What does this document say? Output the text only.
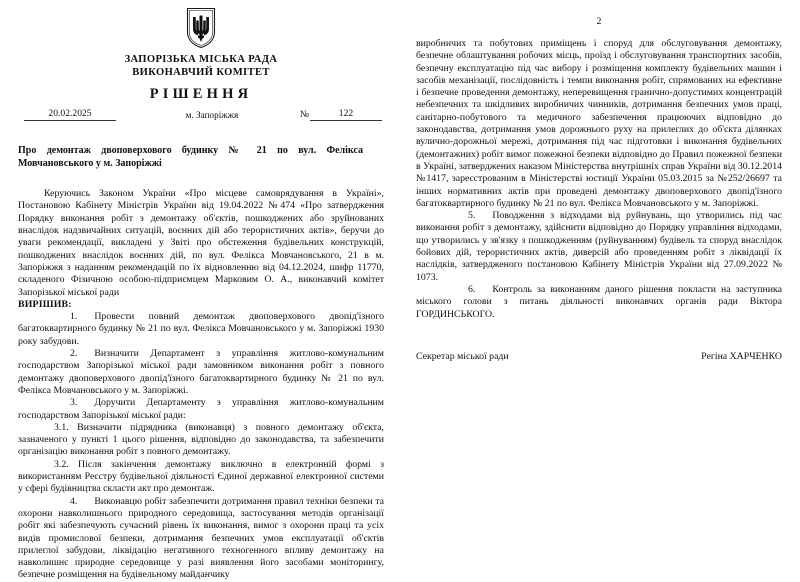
ЗАПОРІЗЬКА МІСЬКА РАДА
ВИКОНАВЧИЙ КОМІТЕТ
РІШЕННЯ
20.02.2025	м. Запоріжжя	№	122
Про демонтаж двоповерхового будинку № 21 по вул. Фелікса Мовчановського у м. Запоріжжі

Керуючись Законом України «Про місцеве самоврядування в Україні», Постановою Кабінету Міністрів України від 19.04.2022 №474 «Про затвердження Порядку виконання робіт з демонтажу об'єктів, пошкоджених або зруйнованих внаслідок надзвичайних ситуацій, воєнних дій або терористичних актів», беручи до уваги рекомендації, викладені у Звіті про обстеження будівельних конструкцій, пошкоджених внаслідок воєнних дій, по вул. Фелікса Мовчановського, 21 в м. Запоріжжя з наданням рекомендацій по їх відновленню від 04.12.2024, шифр 11770, складеного Фізичною особою-підприємцем Марковим О. А., виконавчий комітет Запорізької міської ради

ВИРІШИВ:

1. Провести повний демонтаж двоповерхового двопід'їзного багатоквартирного будинку № 21 по вул. Фелікса Мовчановського у м. Запоріжжі 1930 року забудови.

2. Визначити Департамент з управління житлово-комунальним господарством Запорізької міської ради замовником виконання робіт з повного демонтажу двоповерхового двопід'їзного багатоквартирного будинку № 21 по вул. Фелікса Мовчановського у м. Запоріжжі.

3. Доручити Департаменту з управління житлово-комунальним господарством Запорізької міської ради:

3.1. Визначити підрядника (виконавця) з повного демонтажу об'єкта, зазначеного у пункті 1 цього рішення, відповідно до законодавства, та забезпечити організацію виконання робіт з повного демонтажу.

3.2. Після закінчення демонтажу виключно в електронній формі з використанням Реєстру будівельної діяльності Єдиної державної електронної системи у сфері будівництва скласти акт про демонтаж.

4. Виконавцю робіт забезпечити дотримання правил техніки безпеки та охорони навколишнього природного середовища, застосування методів організації робіт які забезпечують сучасний рівень їх виконання, вимог з охорони праці та усіх видів промислової безпеки, дотримання безпечних умов експлуатації об'єктів прилеглої забудови, ліквідацію негативного техногенного впливу демонтажу на навколишнє природне середовище у разі виявлення його засобами моніторингу, безпечне розміщення на будівельному майданчику

2

виробничих та побутових приміщень і споруд для обслуговування демонтажу, безпечне облаштування робочих місць, проїзд і обслуговування транспортних засобів, безпечну експлуатацію під час вибору і розміщення комплекту будівельних машин і засобів механізації, послідовність і темпи виконання робіт, спрямованих на ефективне і безпечне проведення демонтажу, неперевищення гранично-допустимих концентрацій небезпечних та шкідливих виробничих чинників, дотримання безпечних умов праці, санітарно-побутового та медичного забезпечення працюючих відповідно до законодавства, дотримання умов дорожнього руху на прилеглих до об'єкта ділянках вулично-дорожньої мережі, дотримання під час підготовки і виконання будівельних (демонтажних) робіт вимог пожежної безпеки відповідно до Правил пожежної безпеки в Україні, затверджених наказом Міністерства внутрішніх справ України від 30.12.2014 №1417, зареєстрованим в Міністерстві юстиції України 05.03.2015 за №252/26697 та інших нормативних актів при проведені демонтажу двоповерхового двопід'їзного багатоквартирного будинку № 21 по вул. Фелікса Мовчановського у м. Запоріжжі.

5. Поводження з відходами від руйнувань, що утворились під час виконання робіт з демонтажу, здійснити відповідно до Порядку управління відходами, що утворились у зв'язку з пошкодженням (руйнуванням) будівель та споруд внаслідок бойових дій, терористичних актів, диверсій або проведенням робіт з ліквідації їх наслідків, затвердженого постановою Кабінету Міністрів України від 27.09.2022 № 1073.

6. Контроль за виконанням даного рішення покласти на заступника міського голови з питань діяльності виконавчих органів ради Віктора ГОРДИНСЬКОГО.

Секретар міської ради	Регіна ХАРЧЕНКО
